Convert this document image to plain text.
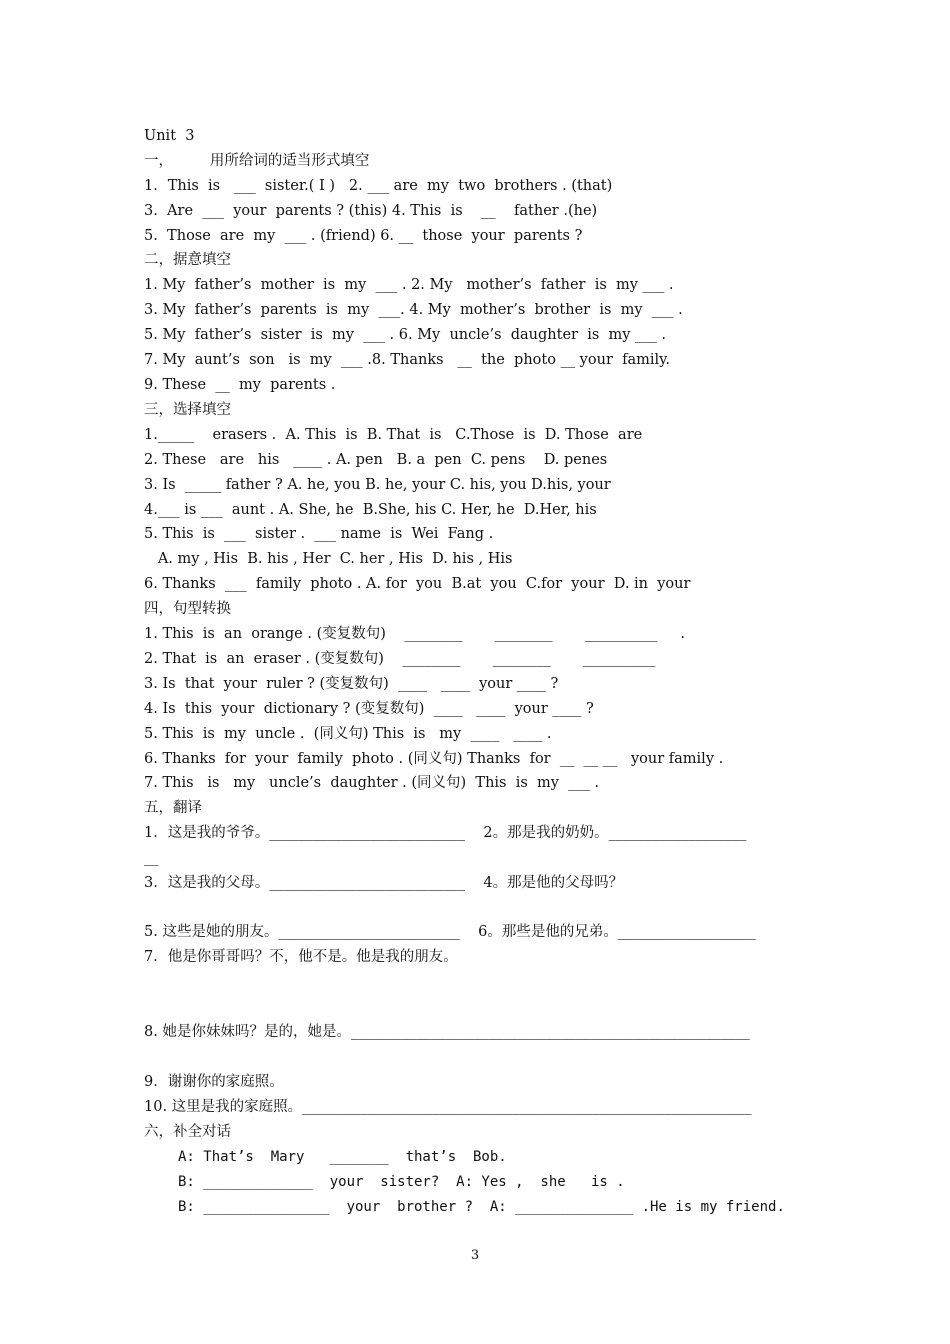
Unit  3

一，        用所给词的适当形式填空

1．This  is   ___  sister.( I )   2. ___ are  my  two  brothers . (that)

3.  Are  ___  your  parents ? (this) 4. This  is    __    father .(he)

5.  Those  are  my  ___ . (friend) 6. __  those  your  parents ?

二，据意填空

1. My  father’s  mother  is  my  ___ . 2. My   mother’s  father  is  my ___ .

3. My  father’s  parents  is  my  ___. 4. My  mother’s  brother  is  my  ___ .

5. My  father’s  sister  is  my  ___ . 6. My  uncle’s  daughter  is  my ___ .

7. My  aunt’s  son   is  my  ___ .8. Thanks   __  the  photo __ your  family.

9. These  __  my  parents .

三，选择填空

1._____    erasers .  A. This  is  B. That  is   C.Those  is  D. Those  are

2. These   are   his   ____ . A. pen   B. a  pen  C. pens    D. penes

3. Is  _____ father ? A. he, you B. he, your C. his, you D.his, your

4.___ is ___  aunt . A. She, he  B.She, his C. Her, he  D.Her, his

5. This  is  ___  sister .  ___ name  is  Wei  Fang .

A. my , His  B. his , Her  C. her , His  D. his , His

6. Thanks  ___  family  photo . A. for  you  B.at  you  C.for  your  D. in  your

四，句型转换

1. This  is  an  orange . (变复数句)    ________       ________       __________     .

2. That  is  an  eraser . (变复数句)    ________       ________       __________

3. Is  that  your  ruler ? (变复数句)  ____   ____  your ____ ?

4. Is  this  your  dictionary ? (变复数句)  ____   ____  your ____ ?

5. This  is  my  uncle .  (同义句) This  is   my  ____   ____ .

6. Thanks  for  your  family  photo . (同义句) Thanks  for  __  __ __   your family .

7. This   is   my   uncle’s  daughter . (同义句)  This  is  my  ___ .

五，翻译

1．这是我的爷爷。___________________________    2。那是我的奶奶。___________________

__

3．这是我的父母。___________________________    4。那是他的父母吗？

5. 这些是她的朋友。_________________________    6。那些是他的兄弟。___________________

7．他是你哥哥吗？不，他不是。他是我的朋友。

8. 她是你妹妹吗？是的，她是。_______________________________________________________

9．谢谢你的家庭照。

10. 这里是我的家庭照。______________________________________________________________

六，补全对话

A: That’s  Mary   _______  that’s  Bob.

B: _____________  your  sister?  A: Yes ,  she   is .

B: _______________  your  brother ?  A: ______________ .He is my friend.

3
